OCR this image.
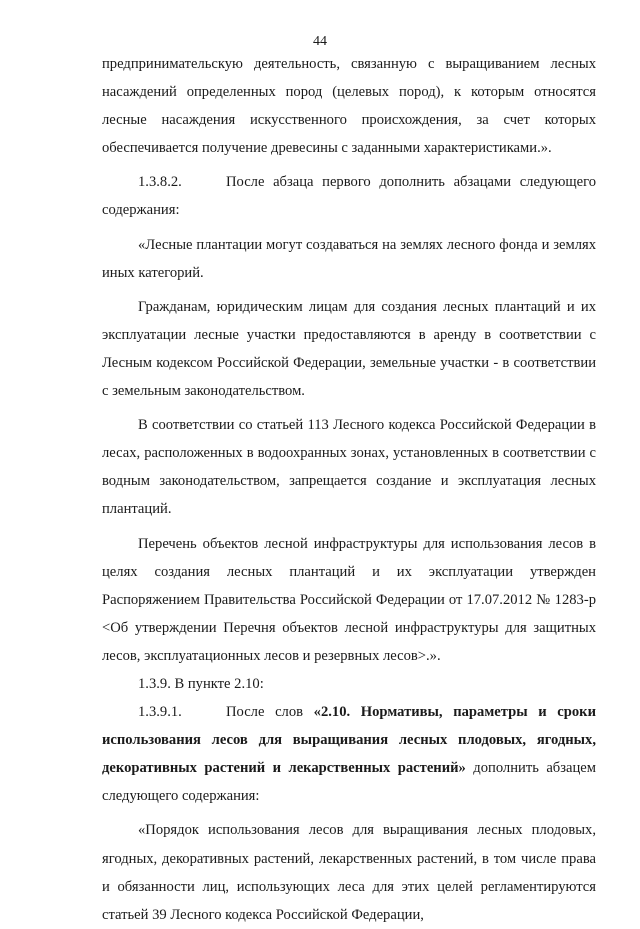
44

предпринимательскую деятельность, связанную с выращиванием лесных насаждений определенных пород (целевых пород), к которым относятся лесные насаждения искусственного происхождения, за счет которых обеспечивается получение древесины с заданными характеристиками.».

1.3.8.2.	После абзаца первого дополнить абзацами следующего содержания:

«Лесные плантации могут создаваться на землях лесного фонда и землях иных категорий.

Гражданам, юридическим лицам для создания лесных плантаций и их эксплуатации лесные участки предоставляются в аренду в соответствии с Лесным кодексом Российской Федерации, земельные участки - в соответствии с земельным законодательством.

В соответствии со статьей 113 Лесного кодекса Российской Федерации в лесах, расположенных в водоохранных зонах, установленных в соответствии с водным законодательством, запрещается создание и эксплуатация лесных плантаций.

Перечень объектов лесной инфраструктуры для использования лесов в целях создания лесных плантаций и их эксплуатации утвержден Распоряжением Правительства Российской Федерации от 17.07.2012 № 1283-р <Об утверждении Перечня объектов лесной инфраструктуры для защитных лесов, эксплуатационных лесов и резервных лесов>.».

1.3.9. В пункте 2.10:

1.3.9.1.	После слов «2.10. Нормативы, параметры и сроки использования лесов для выращивания лесных плодовых, ягодных, декоративных растений и лекарственных растений» дополнить абзацем следующего содержания:

«Порядок использования лесов для выращивания лесных плодовых, ягодных, декоративных растений, лекарственных растений, в том числе права и обязанности лиц, использующих леса для этих целей регламентируются статьей 39 Лесного кодекса Российской Федерации,
